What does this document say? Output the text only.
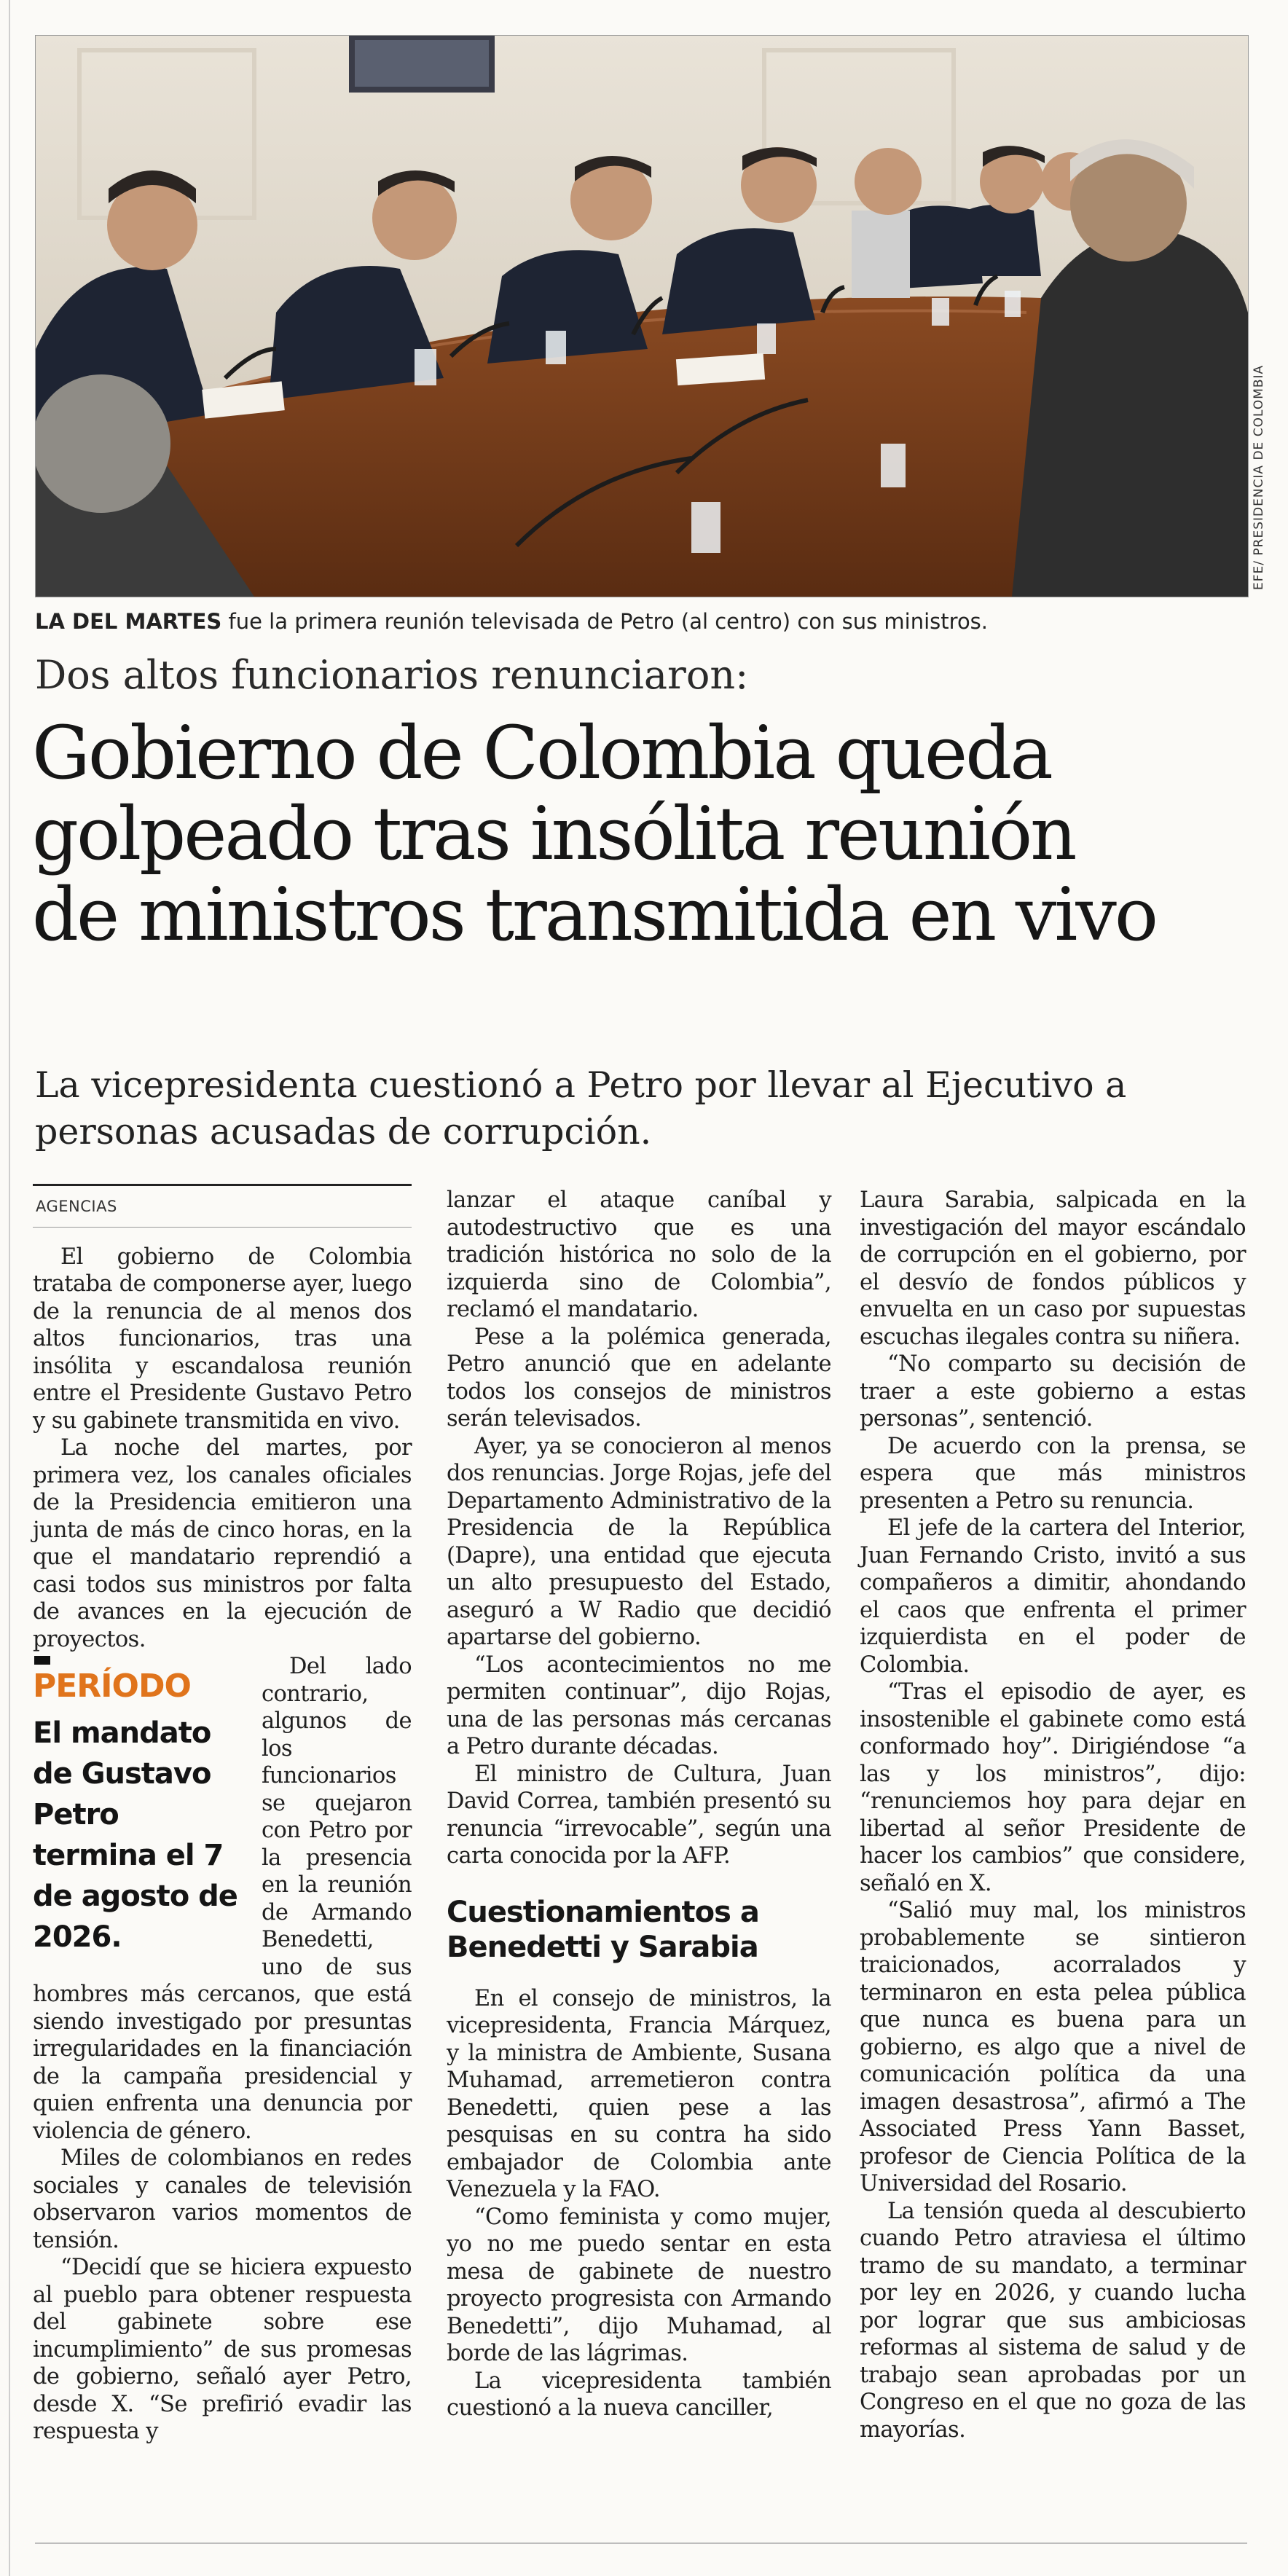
EFE/ PRESIDENCIA DE COLOMBIA
LA DEL MARTES fue la primera reunión televisada de Petro (al centro) con sus ministros.
Dos altos funcionarios renunciaron:
Gobierno de Colombia queda
golpeado tras insólita reunión
de ministros transmitida en vivo
La vicepresidenta cuestionó a Petro por llevar al Ejecutivo a
personas acusadas de corrupción.
AGENCIAS

El gobierno de Colombia trataba de componerse ayer, luego de la renuncia de al menos dos altos funcionarios, tras una insólita y escandalosa reunión entre el Presidente Gustavo Petro y su gabinete transmitida en vivo.

La noche del martes, por primera vez, los canales oficiales de la Presidencia emitieron una junta de más de cinco horas, en la que el mandatario reprendió a casi todos sus ministros por falta de avances en la ejecución de proyectos.

PERÍODO
El mandato de Gustavo Petro termina el 7 de agosto de 2026.

Del lado contrario, algunos de los funcionarios se quejaron con Petro por la presencia en la reunión de Armando Benedetti, uno de sus hombres más cercanos, que está siendo investigado por presuntas irregularidades en la financiación de la campaña presidencial y quien enfrenta una denuncia por violencia de género.

Miles de colombianos en redes sociales y canales de televisión observaron varios momentos de tensión.

“Decidí que se hiciera expuesto al pueblo para obtener respuesta del gabinete sobre ese incumplimiento” de sus promesas de gobierno, señaló ayer Petro, desde X. “Se prefirió evadir las respuesta y

lanzar el ataque caníbal y autodestructivo que es una tradición histórica no solo de la izquierda sino de Colombia”, reclamó el mandatario.

Pese a la polémica generada, Petro anunció que en adelante todos los consejos de ministros serán televisados.

Ayer, ya se conocieron al menos dos renuncias. Jorge Rojas, jefe del Departamento Administrativo de la Presidencia de la República (Dapre), una entidad que ejecuta un alto presupuesto del Estado, aseguró a W Radio que decidió apartarse del gobierno.

“Los acontecimientos no me permiten continuar”, dijo Rojas, una de las personas más cercanas a Petro durante décadas.

El ministro de Cultura, Juan David Correa, también presentó su renuncia “irrevocable”, según una carta conocida por la AFP.

Cuestionamientos a Benedetti y Sarabia

En el consejo de ministros, la vicepresidenta, Francia Márquez, y la ministra de Ambiente, Susana Muhamad, arremetieron contra Benedetti, quien pese a las pesquisas en su contra ha sido embajador de Colombia ante Venezuela y la FAO.

“Como feminista y como mujer, yo no me puedo sentar en esta mesa de gabinete de nuestro proyecto progresista con Armando Benedetti”, dijo Muhamad, al borde de las lágrimas.

La vicepresidenta también cuestionó a la nueva canciller,

Laura Sarabia, salpicada en la investigación del mayor escándalo de corrupción en el gobierno, por el desvío de fondos públicos y envuelta en un caso por supuestas escuchas ilegales contra su niñera.

“No comparto su decisión de traer a este gobierno a estas personas”, sentenció.

De acuerdo con la prensa, se espera que más ministros presenten a Petro su renuncia.

El jefe de la cartera del Interior, Juan Fernando Cristo, invitó a sus compañeros a dimitir, ahondando el caos que enfrenta el primer izquierdista en el poder de Colombia.

“Tras el episodio de ayer, es insostenible el gabinete como está conformado hoy”. Dirigiéndose “a las y los ministros”, dijo: “renunciemos hoy para dejar en libertad al señor Presidente de hacer los cambios” que considere, señaló en X.

“Salió muy mal, los ministros probablemente se sintieron traicionados, acorralados y terminaron en esta pelea pública que nunca es buena para un gobierno, es algo que a nivel de comunicación política da una imagen desastrosa”, afirmó a The Associated Press Yann Basset, profesor de Ciencia Política de la Universidad del Rosario.

La tensión queda al descubierto cuando Petro atraviesa el último tramo de su mandato, a terminar por ley en 2026, y cuando lucha por lograr que sus ambiciosas reformas al sistema de salud y de trabajo sean aprobadas por un Congreso en el que no goza de las mayorías.
